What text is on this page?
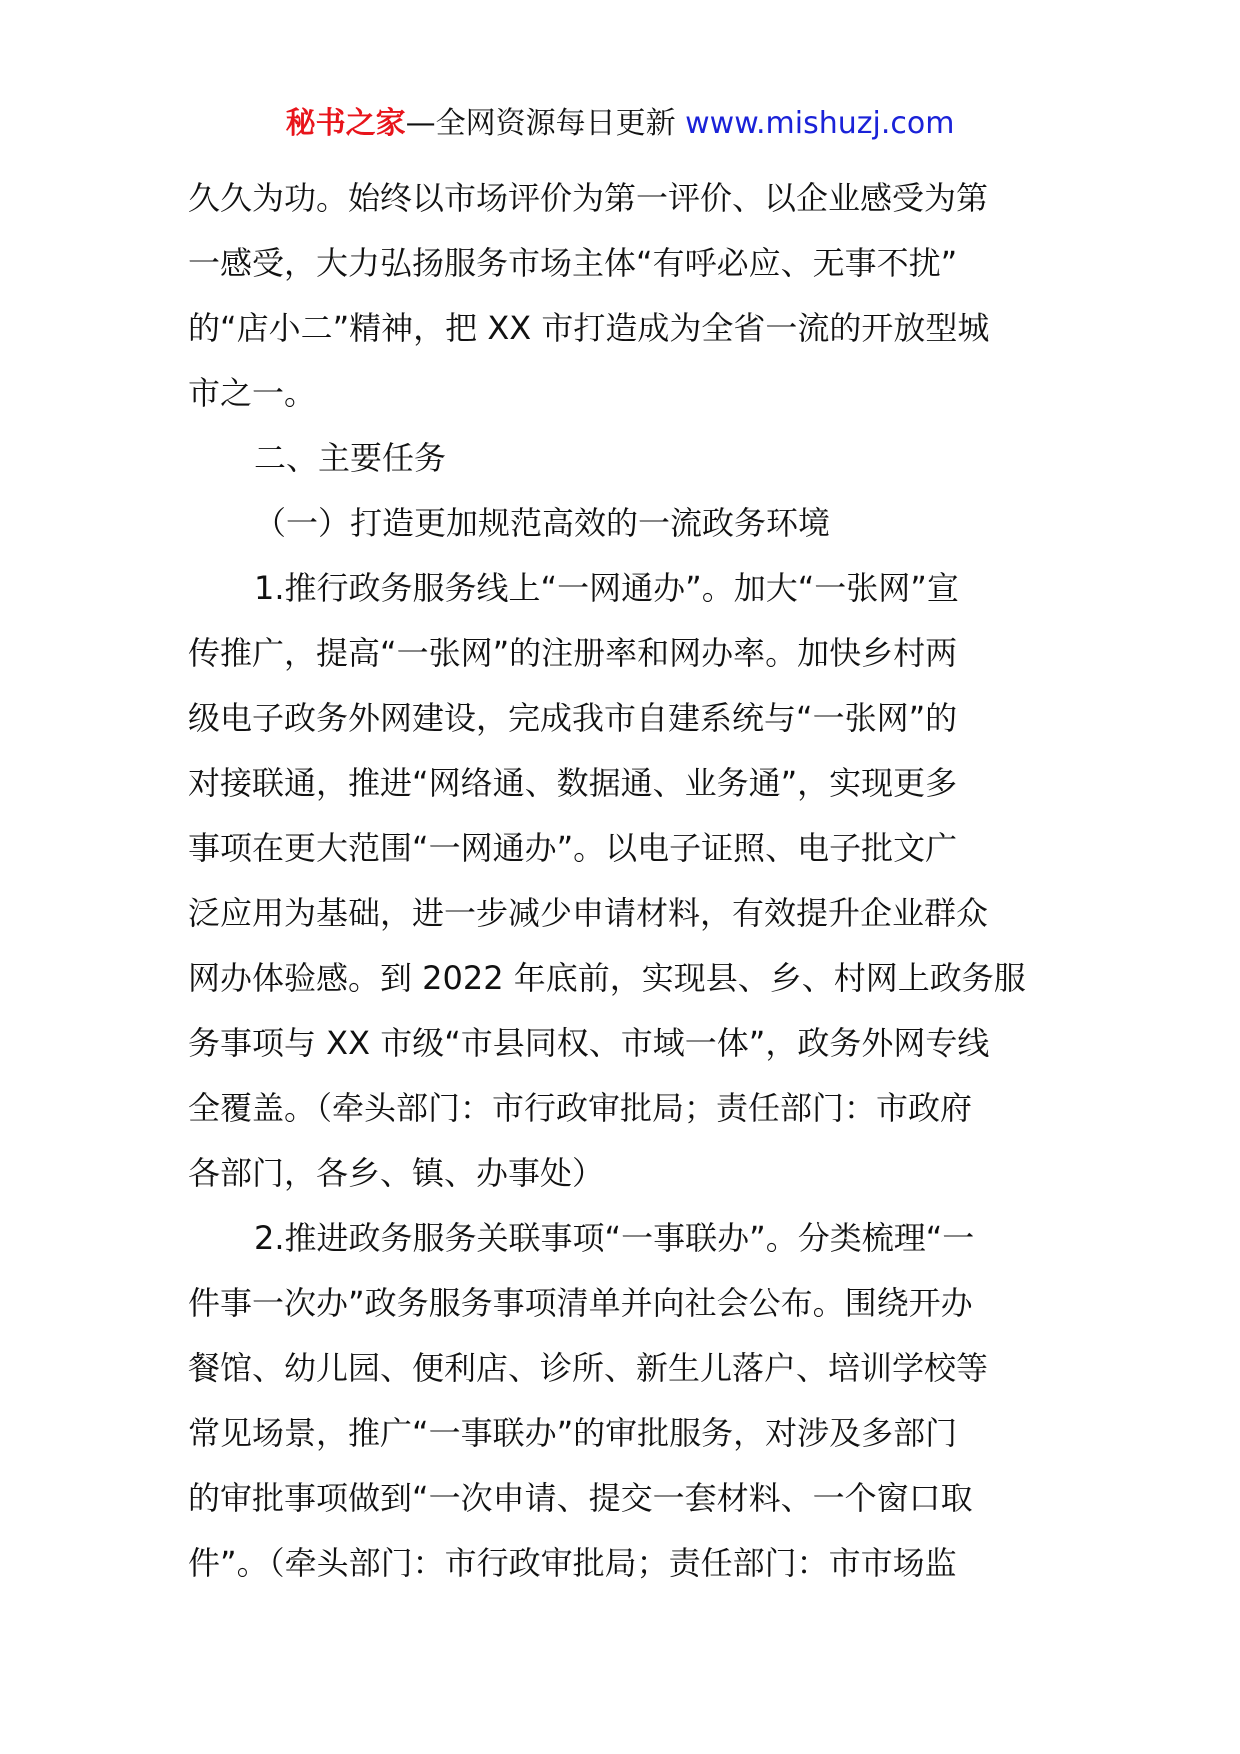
秘书之家—全网资源每日更新 www.mishuzj.com
久久为功。始终以市场评价为第一评价、以企业感受为第
一感受，大力弘扬服务市场主体“有呼必应、无事不扰”
的“店小二”精神，把 XX 市打造成为全省一流的开放型城
市之一。
二、主要任务
（一）打造更加规范高效的一流政务环境
1.推行政务服务线上“一网通办”。加大“一张网”宣
传推广，提高“一张网”的注册率和网办率。加快乡村两
级电子政务外网建设，完成我市自建系统与“一张网”的
对接联通，推进“网络通、数据通、业务通”，实现更多
事项在更大范围“一网通办”。以电子证照、电子批文广
泛应用为基础，进一步减少申请材料，有效提升企业群众
网办体验感。到 2022 年底前，实现县、乡、村网上政务服
务事项与 XX 市级“市县同权、市域一体”，政务外网专线
全覆盖。（牵头部门：市行政审批局；责任部门：市政府
各部门，各乡、镇、办事处）
2.推进政务服务关联事项“一事联办”。分类梳理“一
件事一次办”政务服务事项清单并向社会公布。围绕开办
餐馆、幼儿园、便利店、诊所、新生儿落户、培训学校等
常见场景，推广“一事联办”的审批服务，对涉及多部门
的审批事项做到“一次申请、提交一套材料、一个窗口取
件”。（牵头部门：市行政审批局；责任部门：市市场监
